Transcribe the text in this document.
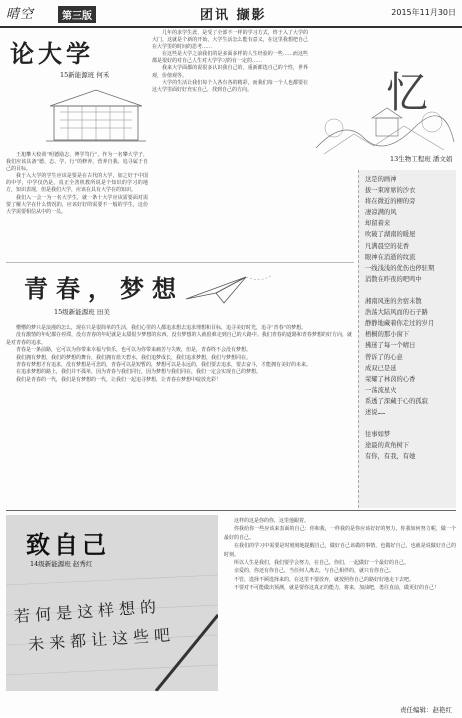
晴空	第三版	团讯 撷影	2015年11月30日
论大学
15新能源班 何禾

王旭攀大校训“明德励志，博学笃行”，作为一名攀大学子，我们应该具备“德、志、学、行”的修养，营养自我、追寻属于自己的目标。

我于入大学的学生应该是要是在古代的大学，加之好于中国的中学，中学仅仍是，真正全善机教所说是个知识的学习的地方，知识表现，但是我们大学，应该在具有大学在的知识。

我们入一会一为一名大学生，就一条十大学应该需要面对需要了解大学在什么情况的，应该好好的需要不一般的学生，这份大学需要相信从中的一员。

几年的求学生涯，是受了全部不一样的学习方式，终于入了大学的大门，这就是个新的开始，大学生活怎么能有意义，在这里我想把自己在大学里的时间的思考……

在这些是大学之前我们的是多面多样的人生经验的一些……而这些都是很好的对自己人生对大学学习的有一定的……

我来大学面都的说很多认识我自己的，重新都选自己的个性，世界观，价值观等。

大学的生活让我们每个人各有各的精彩，而我们每一个人也都要在这大学里面好好充实自己，找到自己的方向。	忆
13生物工程班 潘文娟
这是的画神
拔一束席席的沙衣
将在微近的柳的旁
凄凉满的风
却留着来
吹破了湖南的暖屋
凡满晨空的花香
眼神在消逝的纹流
一线浅浅的优伤也停驻期
消散在昨夜的吧鸣中

湘南风迷的舍宿未散
浩荡大陆风而的石子路
静静地藏着你走过的岁月
梧桐的那小窗下
拂迷了每一个晴日
曾诉了的心意
成双已是延
荣耀了林茵的心香
一荡流星火
系透了深藏于心的孤寂
述说……

往事如梦
途最的黄角树下
有你，有我，有她
青春，梦想
15级新能源班 田美

懵懵的梦只是浪漫的怎么，现在只是很简单的生活，我们心里的人都追求想去追求理想和目标，追寻美好时光，追寻“青春”的梦想。

没有激情的年纪都在停滞，没有青春的年纪就是太甜很少梦想的东西。没有梦想的人就很难走到自己的大路中。我们青春的道路和青春梦想的好方向，就是对青春的追求。

青春是一条前路，它可以为你带来幸福与快乐，也可以为你带来痛苦与失败，但是，青春终不会没有梦想。

我们拥有梦想，我们的梦想的舞台，我们拥有蓝天碧水，我们追梦成长，我们追求梦想，我们与梦想同在。

青春有梦想才有追求，没有梦想是可悲的，青春可以是短暂的，梦想可以是永远的，我们要去追求，要去奋斗，才能拥有美好的未来。

在追求梦想的路上，我们并不孤单，因为青春与我们同行，因为梦想与我们同在，我们一定会实现自己的梦想。

我们是青春的一代，我们是有梦想的一代，让我们一起追寻梦想，让青春在梦想中绽放光彩！

致自己
14级新能源班 赵秀红
若何是这样想的
未来都让这些吧

这样的这是你的你，这里他跟着。

你我给你一些应该来表面的自己：你和我，一样我的是你应该好好的努力，你我如何努力呢，做一个最好的自己。

在我们的学习中需要是时刻刻地提醒自己，做好自己该做的事情，也做好自己，也就是说做好自己的时刻。

所以人生是我们，我们要学会努力，在自己，你们，一起做好一个最好的自己。

亲爱的，你还有你自己，当任何人离去，与自己相伴的，就只有你自己。

不管，选择不顾选择来的，在这里不要放弃，就按照你自己的路好好地走下去吧。

不要对不可能做出预测，就是要你这真正的能力，将来，加油吧，勇往直前，做更好的自己！

责任编辑：赵艳红
